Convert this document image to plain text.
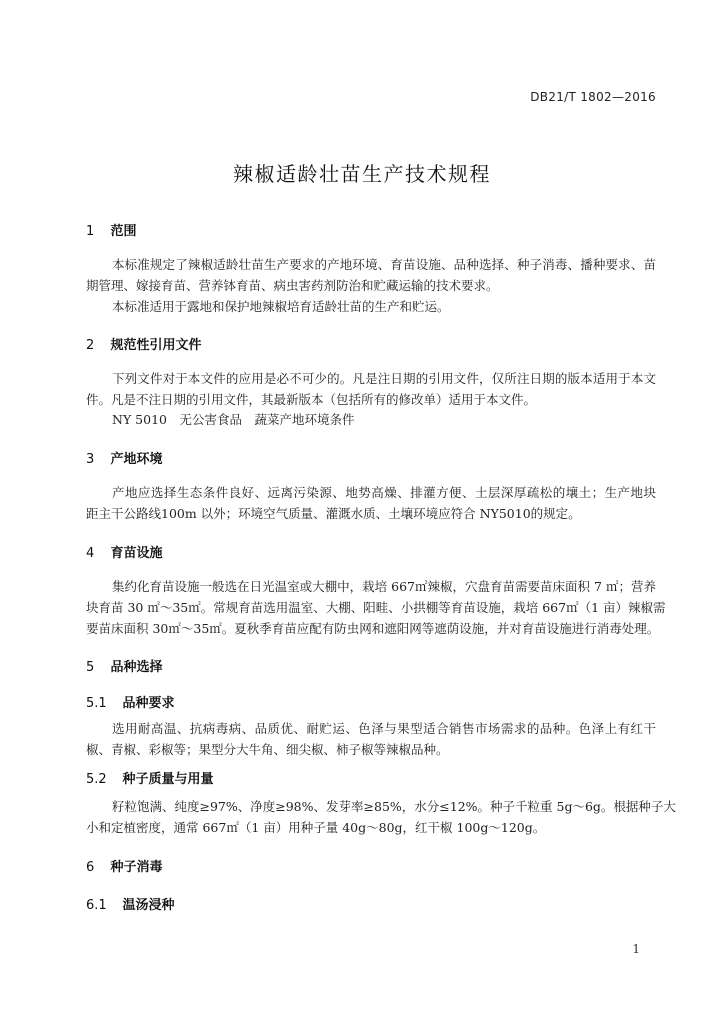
DB21/T 1802—2016
辣椒适龄壮苗生产技术规程
1 范围
本标准规定了辣椒适龄壮苗生产要求的产地环境、育苗设施、品种选择、种子消毒、播种要求、苗
期管理、嫁接育苗、营养钵育苗、病虫害药剂防治和贮藏运输的技术要求。
本标准适用于露地和保护地辣椒培育适龄壮苗的生产和贮运。
2 规范性引用文件
下列文件对于本文件的应用是必不可少的。凡是注日期的引用文件，仅所注日期的版本适用于本文
件。凡是不注日期的引用文件，其最新版本（包括所有的修改单）适用于本文件。
NY 5010　无公害食品　蔬菜产地环境条件
3 产地环境
产地应选择生态条件良好、远离污染源、地势高燥、排灌方便、土层深厚疏松的壤土；生产地块
距主干公路线100m 以外；环境空气质量、灌溉水质、土壤环境应符合 NY5010的规定。
4 育苗设施
集约化育苗设施一般选在日光温室或大棚中，栽培 667㎡辣椒，穴盘育苗需要苗床面积 7 ㎡；营养
块育苗 30 ㎡～35㎡。常规育苗选用温室、大棚、阳畦、小拱棚等育苗设施，栽培 667㎡（1 亩）辣椒需
要苗床面积 30㎡～35㎡。夏秋季育苗应配有防虫网和遮阳网等遮荫设施，并对育苗设施进行消毒处理。
5 品种选择
5.1 品种要求
选用耐高温、抗病毒病、品质优、耐贮运、色泽与果型适合销售市场需求的品种。色泽上有红干
椒、青椒、彩椒等；果型分大牛角、细尖椒、柿子椒等辣椒品种。
5.2 种子质量与用量
籽粒饱满、纯度≥97%、净度≥98%、发芽率≥85%，水分≤12%。种子千粒重 5g～6g。根据种子大
小和定植密度，通常 667㎡（1 亩）用种子量 40g～80g，红干椒 100g～120g。
6 种子消毒
6.1 温汤浸种
1
